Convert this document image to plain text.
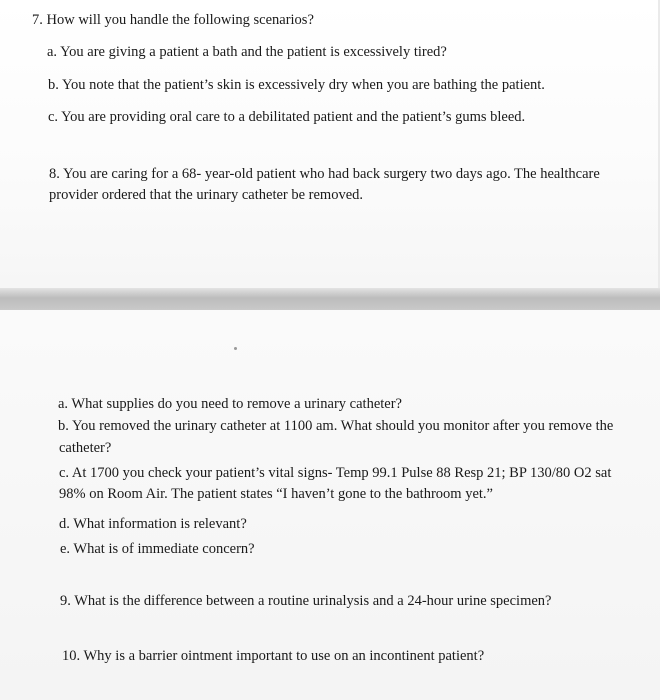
7. How will you handle the following scenarios?

a. You are giving a patient a bath and the patient is excessively tired?

b. You note that the patient’s skin is excessively dry when you are bathing the patient.

c. You are providing oral care to a debilitated patient and the patient’s gums bleed.

8. You are caring for a 68- year-old patient who had back surgery two days ago. The healthcare

provider ordered that the urinary catheter be removed.

a. What supplies do you need to remove a urinary catheter?

b. You removed the urinary catheter at 1100 am. What should you monitor after you remove the

catheter?

c. At 1700 you check your patient’s vital signs- Temp 99.1 Pulse 88 Resp 21; BP 130/80 O2 sat

98% on Room Air. The patient states “I haven’t gone to the bathroom yet.”

d. What information is relevant?

e. What is of immediate concern?

9. What is the difference between a routine urinalysis and a 24-hour urine specimen?

10. Why is a barrier ointment important to use on an incontinent patient?
